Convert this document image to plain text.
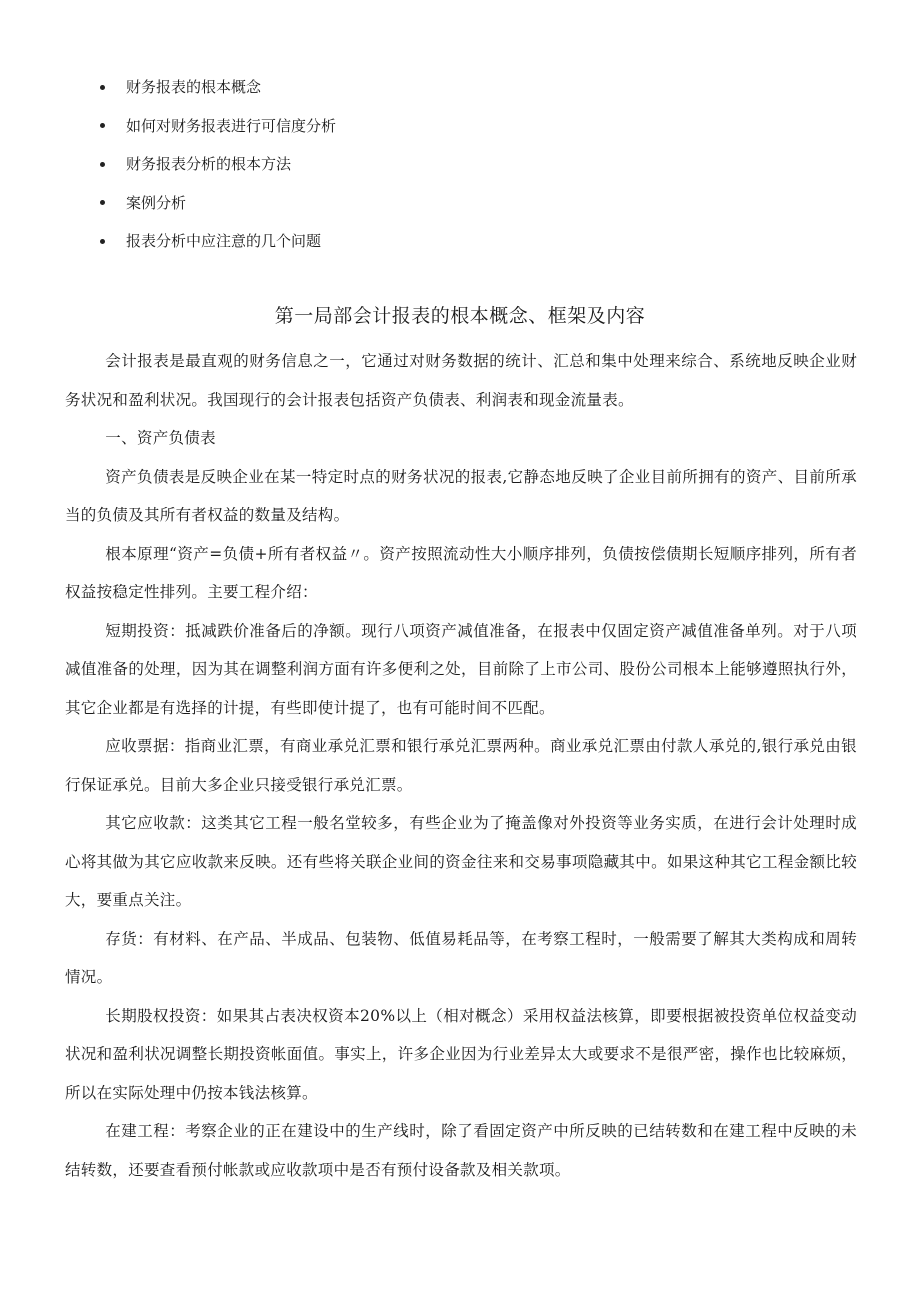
财务报表的根本概念
如何对财务报表进行可信度分析
财务报表分析的根本方法
案例分析
报表分析中应注意的几个问题
第一局部会计报表的根本概念、框架及内容

会计报表是最直观的财务信息之一，它通过对财务数据的统计、汇总和集中处理来综合、系统地反映企业财务状况和盈利状况。我国现行的会计报表包括资产负债表、利润表和现金流量表。

一、资产负债表

资产负债表是反映企业在某一特定时点的财务状况的报表,它静态地反映了企业目前所拥有的资产、目前所承当的负债及其所有者权益的数量及结构。

根本原理“资产=负债+所有者权益〃。资产按照流动性大小顺序排列，负债按偿债期长短顺序排列，所有者权益按稳定性排列。主要工程介绍：

短期投资：抵减跌价准备后的净额。现行八项资产减值准备，在报表中仅固定资产减值准备单列。对于八项减值准备的处理，因为其在调整利润方面有许多便利之处，目前除了上市公司、股份公司根本上能够遵照执行外，其它企业都是有选择的计提，有些即使计提了，也有可能时间不匹配。

应收票据：指商业汇票，有商业承兑汇票和银行承兑汇票两种。商业承兑汇票由付款人承兑的,银行承兑由银行保证承兑。目前大多企业只接受银行承兑汇票。

其它应收款：这类其它工程一般名堂较多，有些企业为了掩盖像对外投资等业务实质，在进行会计处理时成心将其做为其它应收款来反映。还有些将关联企业间的资金往来和交易事项隐藏其中。如果这种其它工程金额比较大，要重点关注。

存货：有材料、在产品、半成品、包装物、低值易耗品等，在考察工程时，一般需要了解其大类构成和周转情况。

长期股权投资：如果其占表决权资本20%以上（相对概念）采用权益法核算，即要根据被投资单位权益变动状况和盈利状况调整长期投资帐面值。事实上，许多企业因为行业差异太大或要求不是很严密，操作也比较麻烦，所以在实际处理中仍按本钱法核算。

在建工程：考察企业的正在建设中的生产线时，除了看固定资产中所反映的已结转数和在建工程中反映的未结转数，还要查看预付帐款或应收款项中是否有预付设备款及相关款项。
